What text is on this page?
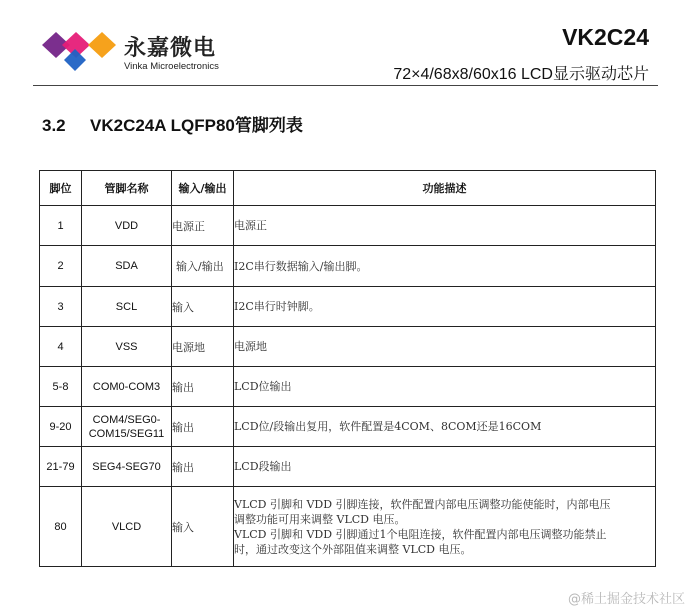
永嘉微电
Vinka Microelectronics
VK2C24
72×4/68x8/60x16 LCD显示驱动芯片
3.2 VK2C24A LQFP80管脚列表
脚位	管脚名称	输入/输出	功能描述
1	VDD	电源正	电源正
2	SDA	输入/输出	I2C串行数据输入/输出脚。
3	SCL	输入	I2C串行时钟脚。
4	VSS	电源地	电源地
5-8	COM0-COM3	输出	LCD位输出
9-20	COM4/SEG0-
COM15/SEG11	输出	LCD位/段输出复用，软件配置是4COM、8COM还是16COM
21-79	SEG4-SEG70	输出	LCD段输出
80	VLCD	输入	VLCD 引脚和 VDD 引脚连接，软件配置内部电压调整功能使能时，内部电压
调整功能可用来调整 VLCD 电压。
VLCD 引脚和 VDD 引脚通过1个电阻连接，软件配置内部电压调整功能禁止
时，通过改变这个外部阻值来调整 VLCD 电压。
@稀土掘金技术社区
